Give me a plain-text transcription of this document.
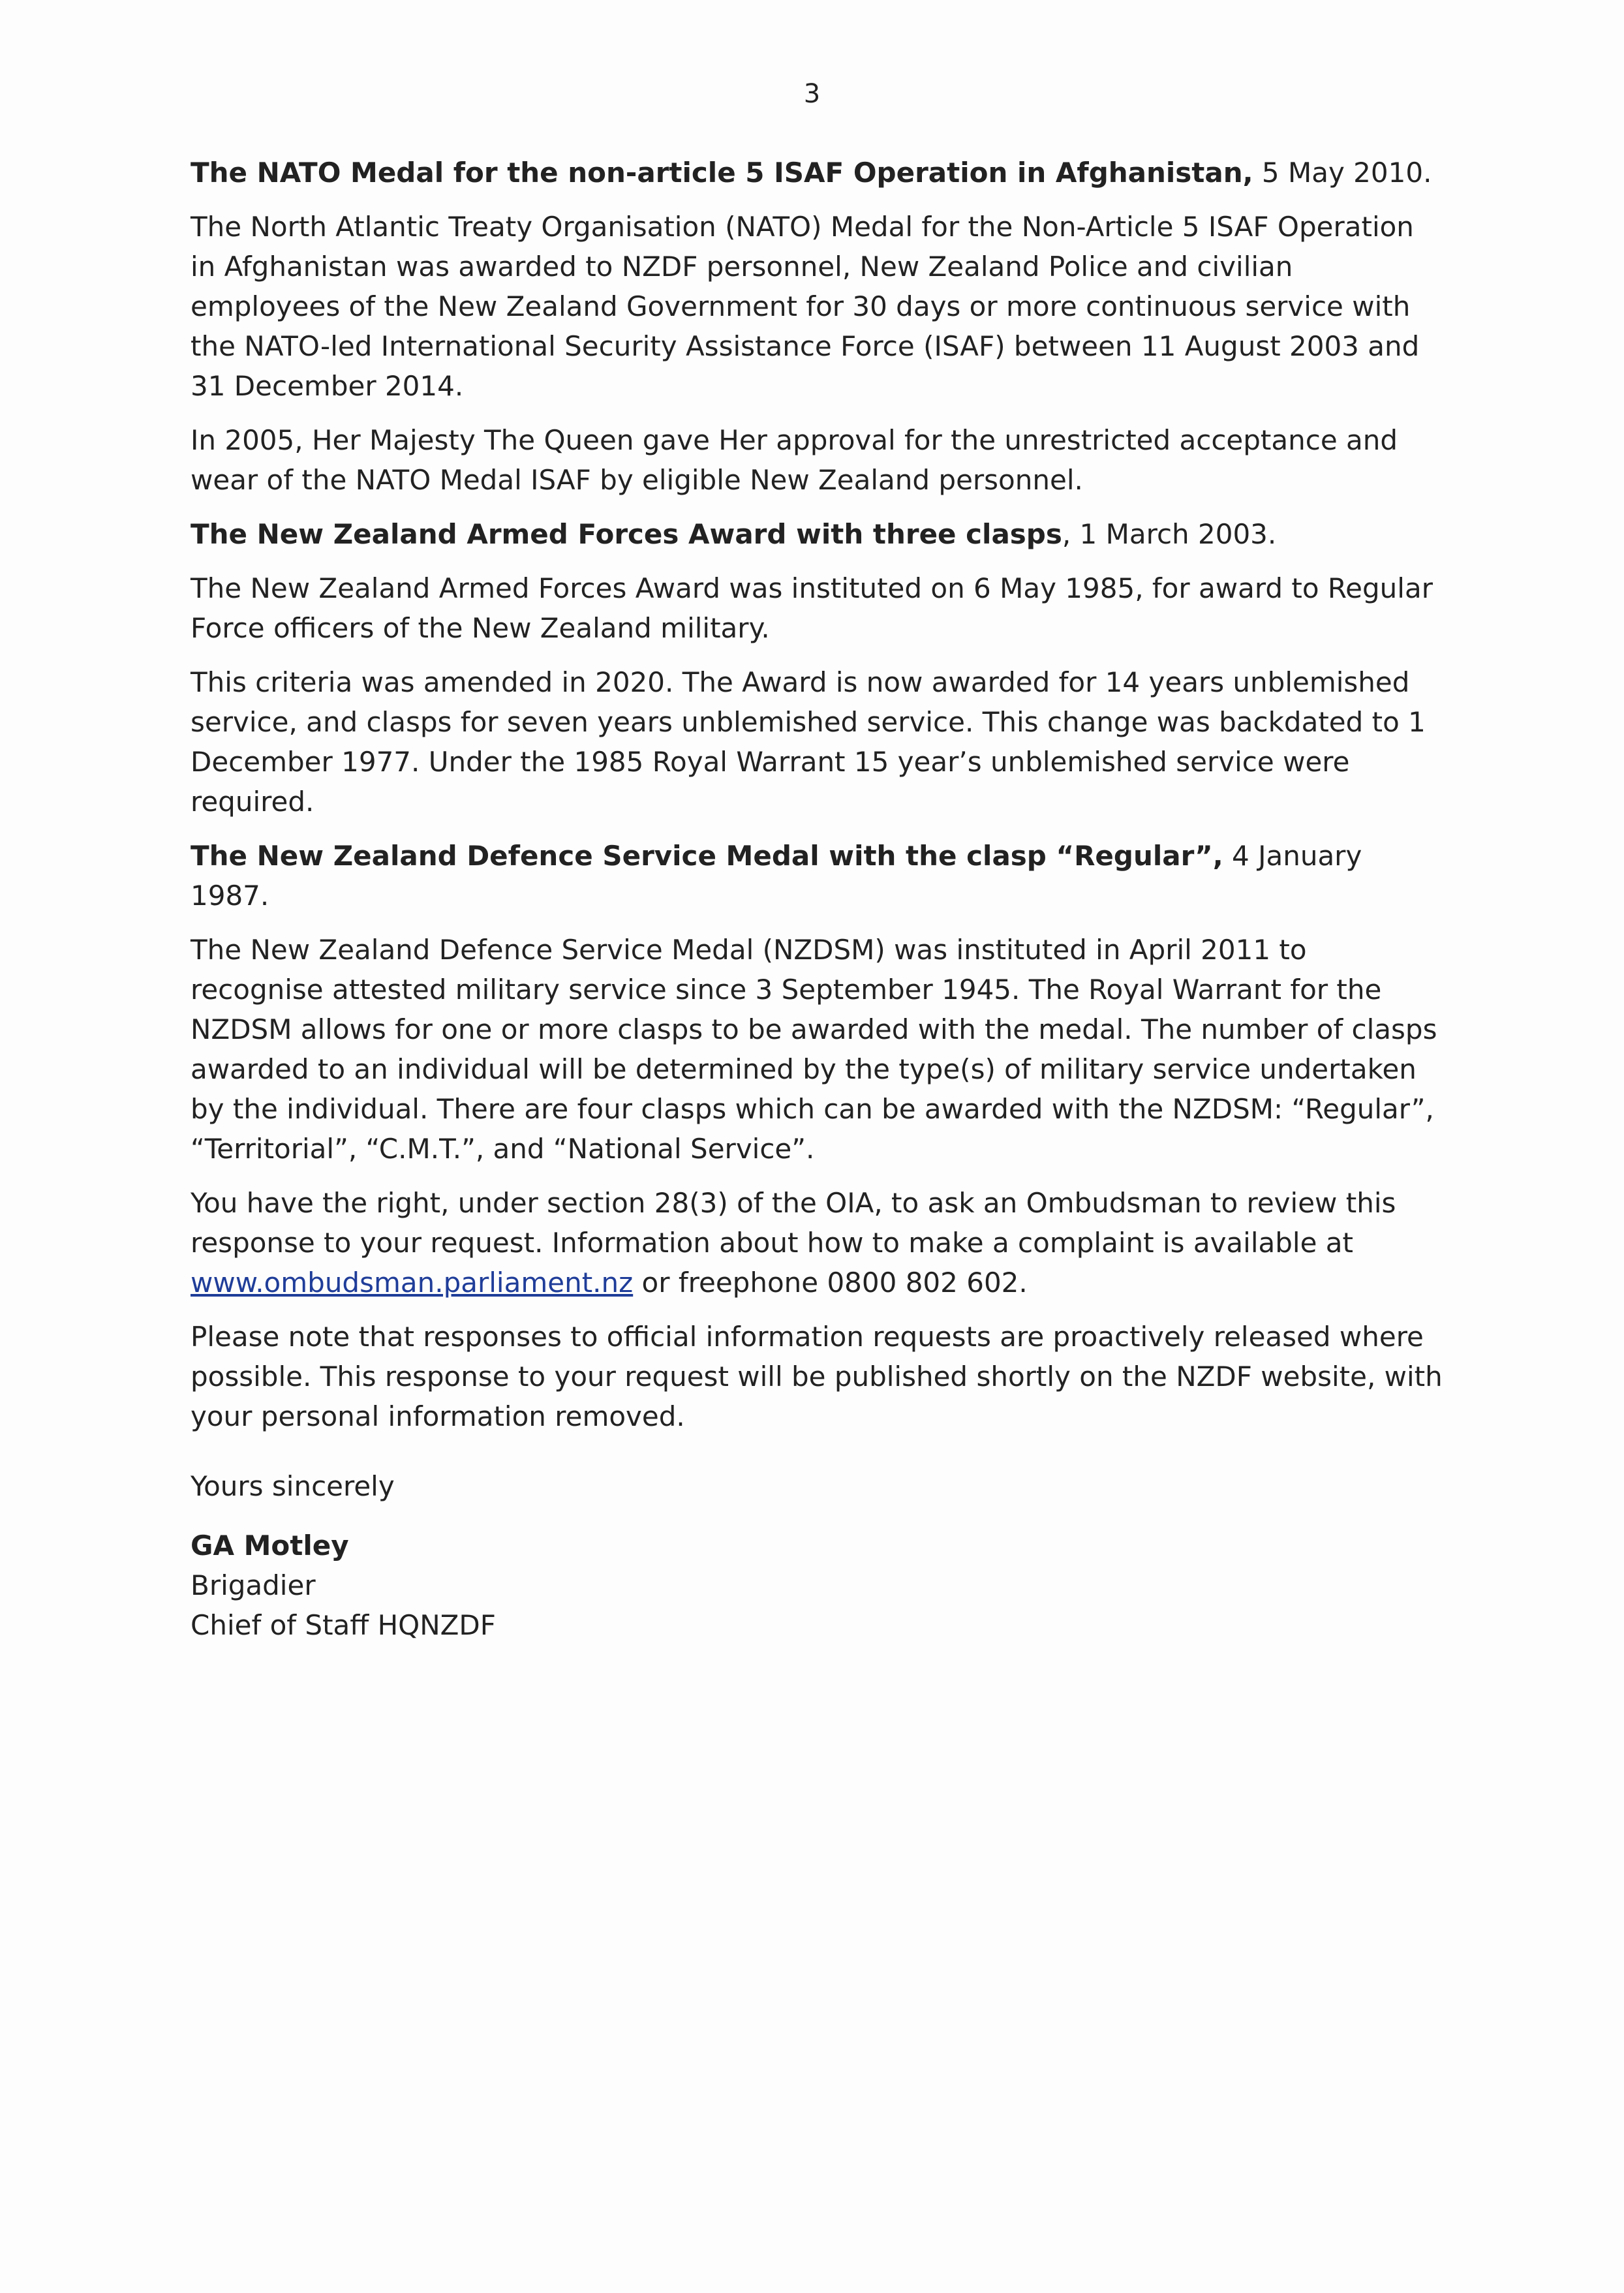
3

The NATO Medal for the non-article 5 ISAF Operation in Afghanistan, 5 May 2010.

The North Atlantic Treaty Organisation (NATO) Medal for the Non-Article 5 ISAF Operation in Afghanistan was awarded to NZDF personnel, New Zealand Police and civilian employees of the New Zealand Government for 30 days or more continuous service with the NATO-led International Security Assistance Force (ISAF) between 11 August 2003 and 31 December 2014.

In 2005, Her Majesty The Queen gave Her approval for the unrestricted acceptance and wear of the NATO Medal ISAF by eligible New Zealand personnel.

The New Zealand Armed Forces Award with three clasps, 1 March 2003.

The New Zealand Armed Forces Award was instituted on 6 May 1985, for award to Regular Force officers of the New Zealand military.

This criteria was amended in 2020. The Award is now awarded for 14 years unblemished service, and clasps for seven years unblemished service. This change was backdated to 1 December 1977. Under the 1985 Royal Warrant 15 year’s unblemished service were required.

The New Zealand Defence Service Medal with the clasp “Regular”, 4 January 1987.

The New Zealand Defence Service Medal (NZDSM) was instituted in April 2011 to recognise attested military service since 3 September 1945. The Royal Warrant for the NZDSM allows for one or more clasps to be awarded with the medal. The number of clasps awarded to an individual will be determined by the type(s) of military service undertaken by the individual. There are four clasps which can be awarded with the NZDSM: “Regular”, “Territorial”, “C.M.T.”, and “National Service”.

You have the right, under section 28(3) of the OIA, to ask an Ombudsman to review this response to your request. Information about how to make a complaint is available at www.ombudsman.parliament.nz or freephone 0800 802 602.

Please note that responses to official information requests are proactively released where possible. This response to your request will be published shortly on the NZDF website, with your personal information removed.

Yours sincerely

GA Motley

Brigadier

Chief of Staff HQNZDF
